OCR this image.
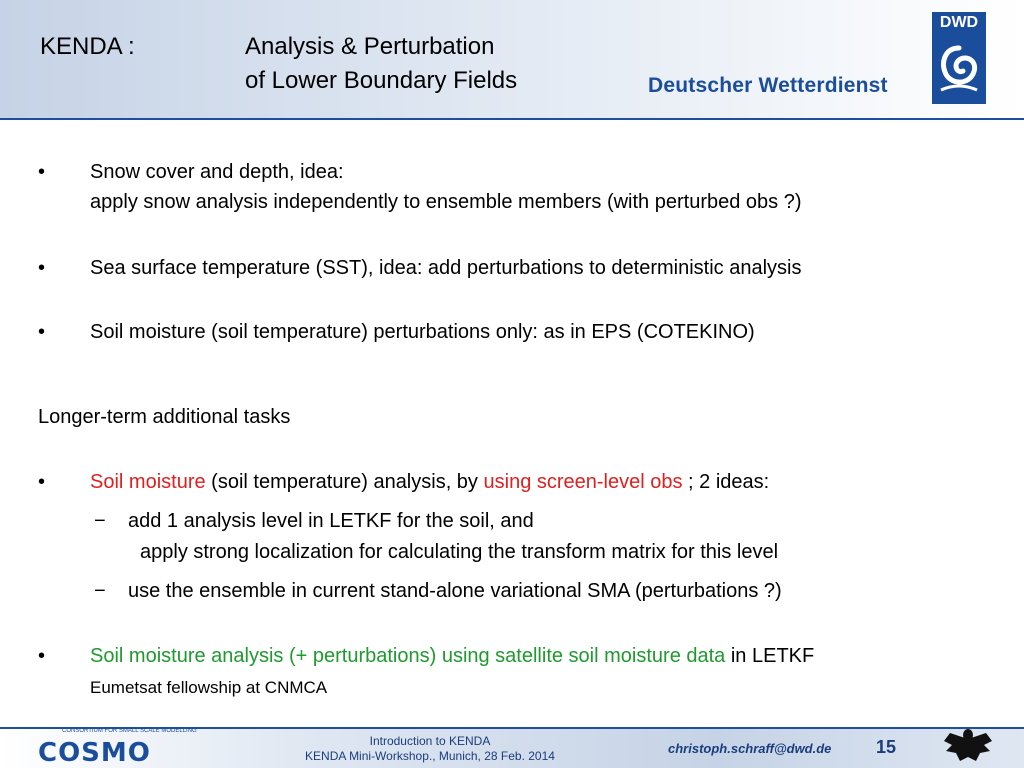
KENDA :	Analysis & Perturbation
of Lower Boundary Fields	Deutscher Wetterdienst
DWD
• Snow cover and depth, idea:
apply snow analysis independently to ensemble members (with perturbed obs ?)
• Sea surface temperature (SST), idea: add perturbations to deterministic analysis
• Soil moisture (soil temperature) perturbations only: as in EPS (COTEKINO)
Longer-term additional tasks
• Soil moisture (soil temperature) analysis, by using screen-level obs ; 2 ideas:
− add 1 analysis level in LETKF for the soil, and
apply strong localization for calculating the transform matrix for this level
− use the ensemble in current stand-alone variational SMA (perturbations ?)
• Soil moisture analysis (+ perturbations) using satellite soil moisture data in LETKF
Eumetsat fellowship at CNMCA
CONSORTIUM FOR SMALL SCALE MODELLING
COSMO	Introduction to KENDA
KENDA Mini-Workshop., Munich, 28 Feb. 2014	christoph.schraff@dwd.de 15
